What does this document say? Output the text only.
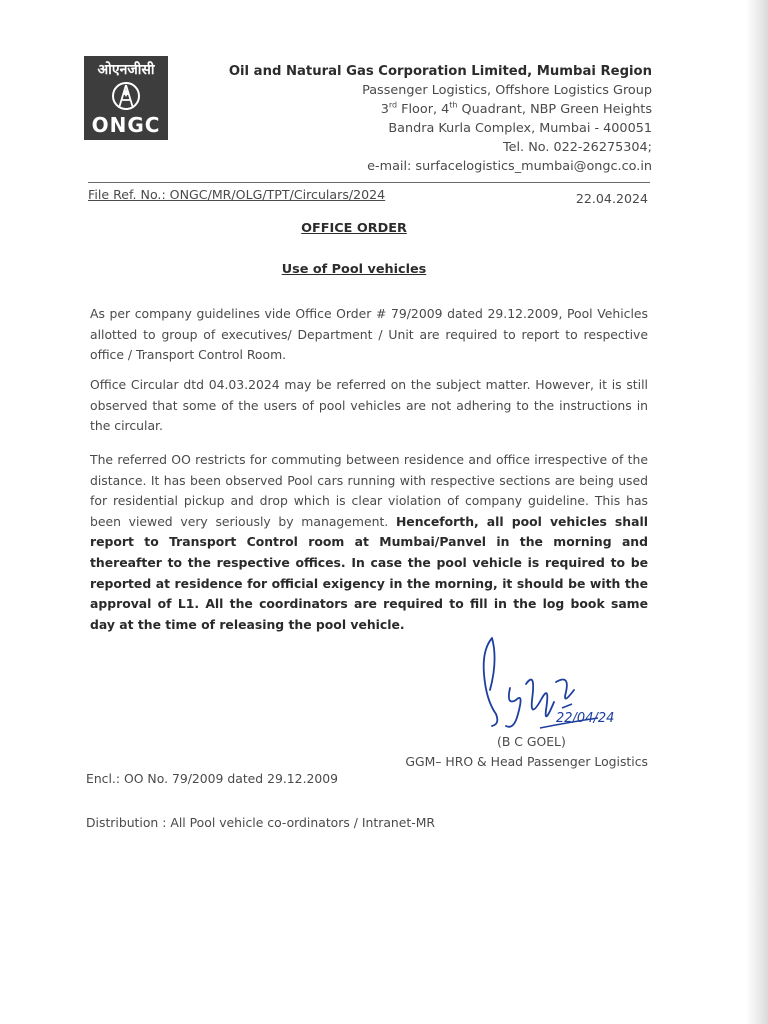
ओएनजीसी
ONGC
Oil and Natural Gas Corporation Limited, Mumbai Region
Passenger Logistics, Offshore Logistics Group
3rd Floor, 4th Quadrant, NBP Green Heights
Bandra Kurla Complex, Mumbai - 400051
Tel. No. 022-26275304;
e-mail: surfacelogistics_mumbai@ongc.co.in
File Ref. No.: ONGC/MR/OLG/TPT/Circulars/2024	22.04.2024
OFFICE ORDER
Use of Pool vehicles
As per company guidelines vide Office Order # 79/2009 dated 29.12.2009, Pool Vehicles allotted to group of executives/ Department / Unit are required to report to respective office / Transport Control Room.
Office Circular dtd 04.03.2024 may be referred on the subject matter. However, it is still observed that some of the users of pool vehicles are not adhering to the instructions in the circular.
The referred OO restricts for commuting between residence and office irrespective of the distance. It has been observed Pool cars running with respective sections are being used for residential pickup and drop which is clear violation of company guideline. This has been viewed very seriously by management. Henceforth, all pool vehicles shall report to Transport Control room at Mumbai/Panvel in the morning and thereafter to the respective offices. In case the pool vehicle is required to be reported at residence for official exigency in the morning, it should be with the approval of L1. All the coordinators are required to fill in the log book same day at the time of releasing the pool vehicle.
22/04/24
(B C GOEL)
GGM– HRO & Head Passenger Logistics
Encl.: OO No. 79/2009 dated 29.12.2009
Distribution : All Pool vehicle co-ordinators / Intranet-MR
